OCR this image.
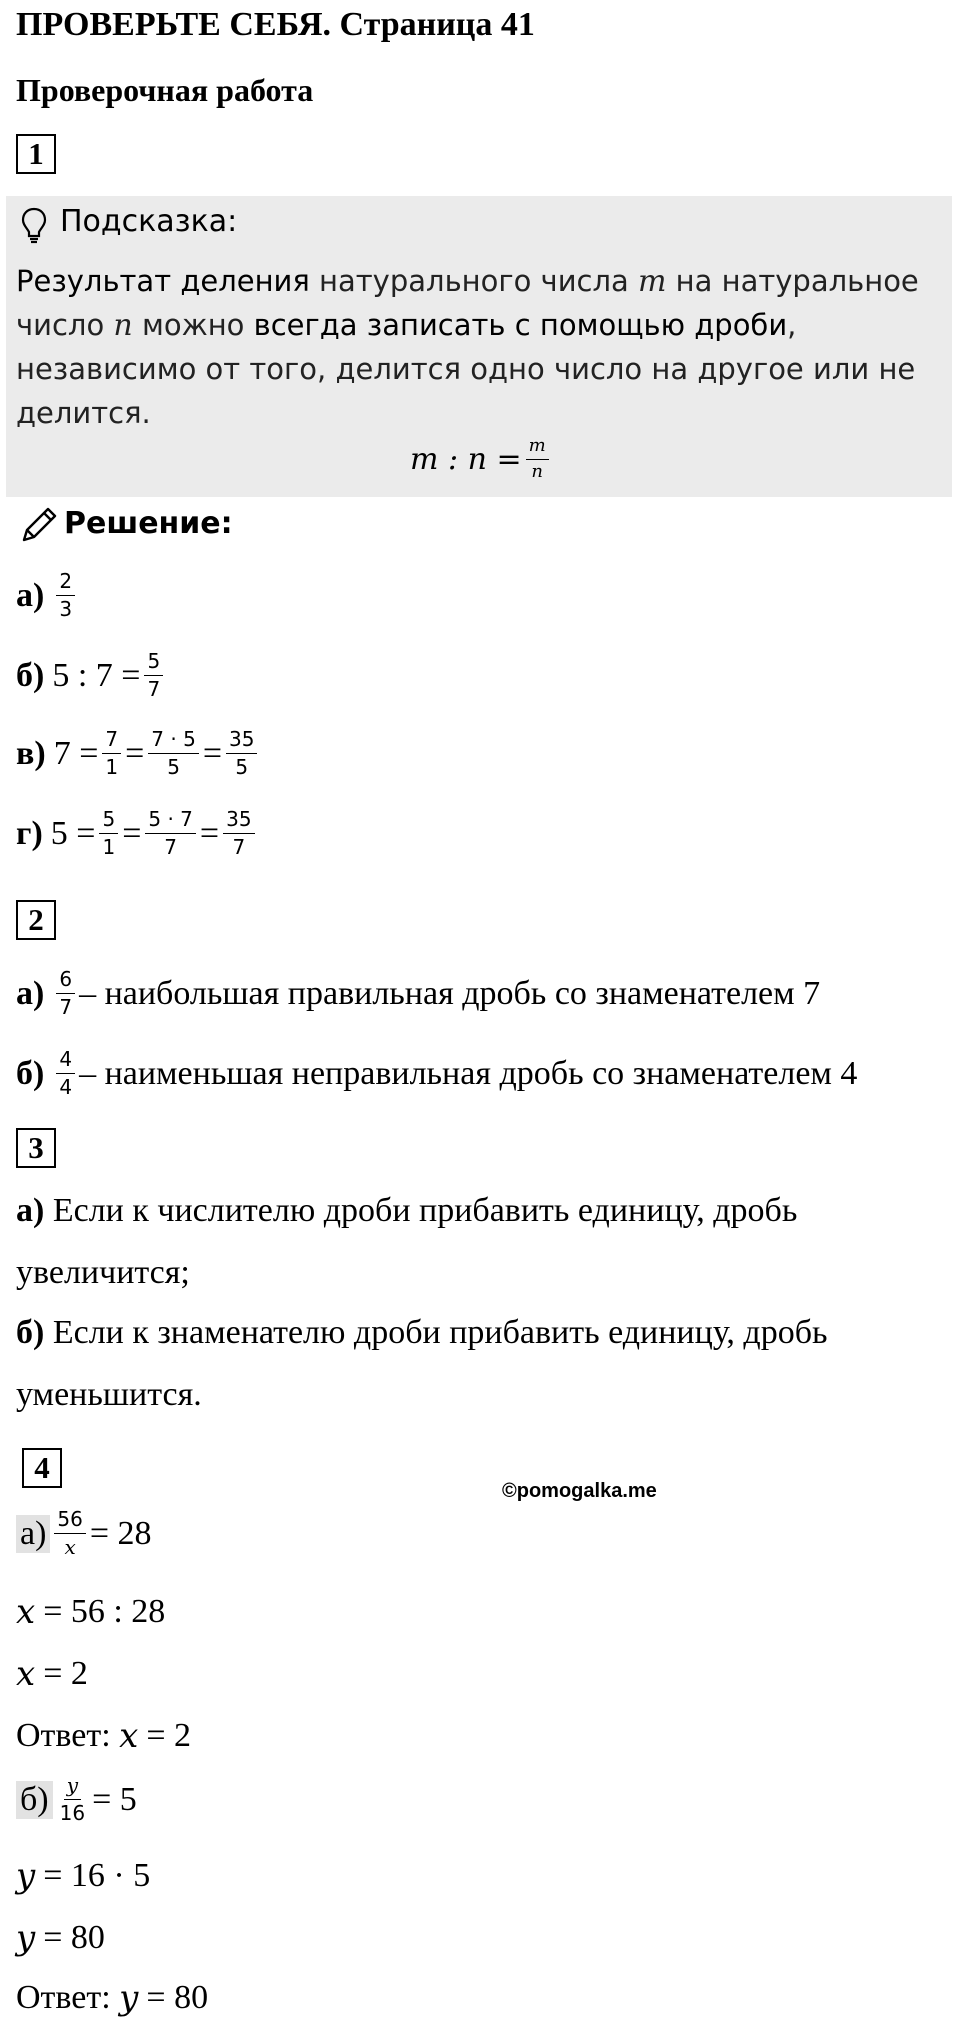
ПРОВЕРЬТЕ СЕБЯ. Страница 41
Проверочная работа
1
Подсказка:
Результат деления натурального числа m на натуральное
число n можно всегда записать с помощью дроби,
независимо от того, делится одно число на другое или не
делится.
m : $n = \frac{m}{n}$
Решение:
$а) \frac{2}{3}$
б) 5 : $7 = \frac{5}{7}$
в) $7 = \frac{7}{1} = \frac{7 \cdot 5}{5} = \frac{35}{5}$
г) $5 = \frac{5}{1} = \frac{5 \cdot 7}{7} = \frac{35}{7}$
2
$а) \frac{6}{7}$ – наибольшая правильная дробь со знаменателем 7
$б) \frac{4}{4}$ – наименьшая неправильная дробь со знаменателем 4
3
а) Если к числителю дроби прибавить единицу, дробь
увеличится;
б) Если к знаменателю дроби прибавить единицу, дробь
уменьшится.
4
©pomogalka.me
$а) \frac{56}{x} = 28$
x = 56 : 28
x = 2
Ответ: x = 2
$б) \frac{y}{16} = 5$
y = 16 · 5
y = 80
Ответ: y = 80
